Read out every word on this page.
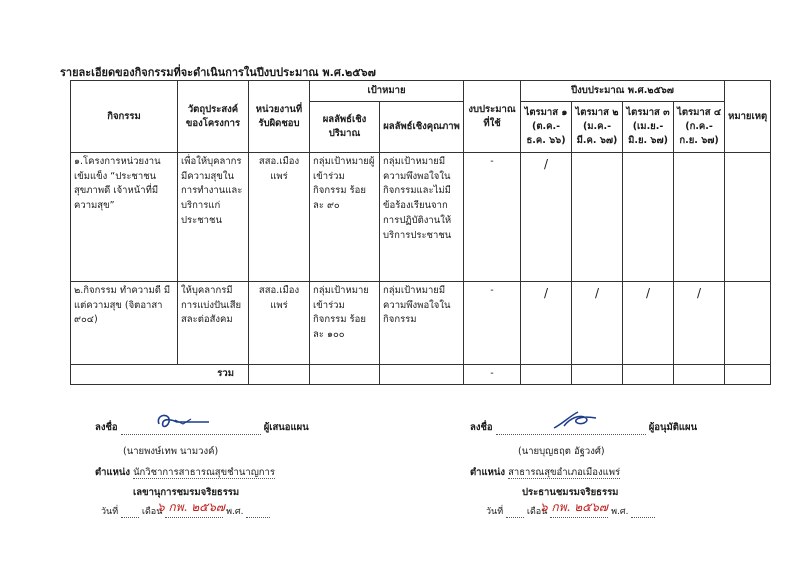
รายละเอียดของกิจกรรมที่จะดำเนินการในปีงบประมาณ พ.ศ.๒๕๖๗
กิจกรรม	วัตถุประสงค์ของโครงการ	หน่วยงานที่รับผิดชอบ	เป้าหมาย		งบประมาณที่ใช้	ปีงบประมาณ พ.ศ.๒๕๖๗				หมายเหตุ
			ผลลัพธ์เชิงปริมาณ	ผลลัพธ์เชิงคุณภาพ		ไตรมาส ๑ (ต.ค.-ธ.ค. ๖๖)	ไตรมาส ๒ (ม.ค.-มี.ค. ๖๗)	ไตรมาส ๓ (เม.ย.-มิ.ย. ๖๗)	ไตรมาส ๔ (ก.ค.-ก.ย. ๖๗)	
๑.โครงการหน่วยงานเข้มแข็ง “ประชาชนสุขภาพดี เจ้าหน้าที่มีความสุข”	เพื่อให้บุคลากรมีความสุขในการทำงานและบริการแก่ประชาชน	สสอ.เมืองแพร่	กลุ่มเป้าหมายผู้เข้าร่วมกิจกรรม ร้อยละ ๙๐	กลุ่มเป้าหมายมีความพึงพอใจในกิจกรรมและไม่มีข้อร้องเรียนจากการปฏิบัติงานให้บริการประชาชน	-	/				
๒.กิจกรรม ทำความดี มีแต่ความสุข (จิตอาสา ๙๐๔)	ให้บุคลากรมีการแบ่งปันเสียสละต่อสังคม	สสอ.เมืองแพร่	กลุ่มเป้าหมายเข้าร่วมกิจกรรม ร้อยละ ๑๐๐	กลุ่มเป้าหมายมีความพึงพอใจในกิจกรรม	-	/	/	/	/	
รวม					-					
ลงชื่อ	ผู้เสนอแผน
(นายพงษ์เทพ นามวงค์)
ตำแหน่ง นักวิชาการสาธารณสุขชำนาญการ
เลขานุการชมรมจริยธรรม
วันที่	เดือน	พ.ศ.
๖ กพ. ๒๕๖๗
ลงชื่อ	ผู้อนุมัติแผน
(นายบุญธฤต อัฐวงศ์)
ตำแหน่ง สาธารณสุขอำเภอเมืองแพร่
ประธานชมรมจริยธรรม
วันที่	เดือน	พ.ศ.
๖ กพ. ๒๕๖๗
